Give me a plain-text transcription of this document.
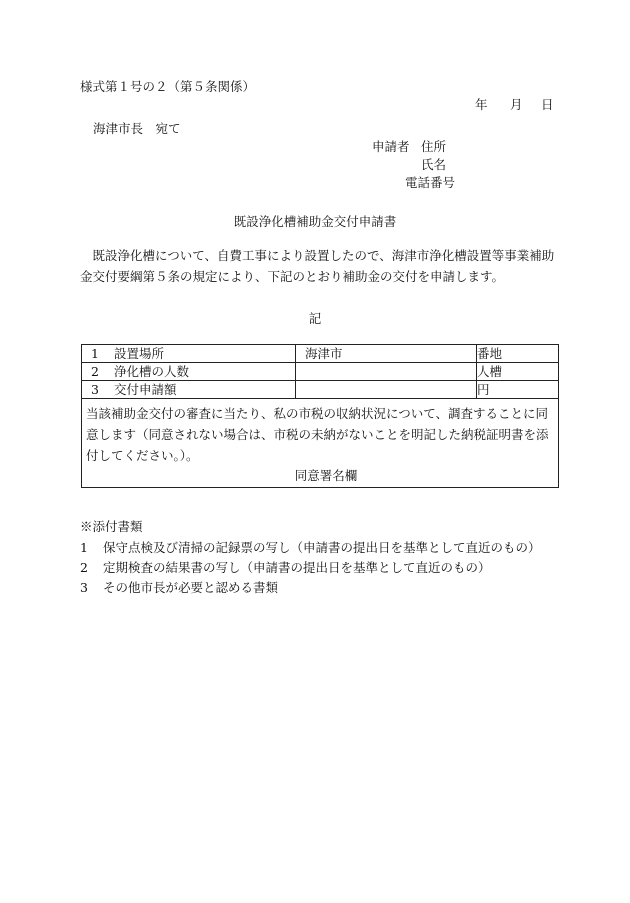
様式第１号の２（第５条関係）
年 月 日
海津市長　宛て
申請者 住所
氏名
電話番号
既設浄化槽補助金交付申請書
既設浄化槽について、自費工事により設置したので、海津市浄化槽設置等事業補助金交付要綱第５条の規定により、下記のとおり補助金の交付を申請します。
記
1 設置場所	海津市	番地
2 浄化槽の人数		人槽
3 交付申請額		円
当該補助金交付の審査に当たり、私の市税の収納状況について、調査することに同意します（同意されない場合は、市税の未納がないことを明記した納税証明書を添付してください。）。
同意署名欄		
※添付書類
1 保守点検及び清掃の記録票の写し（申請書の提出日を基準として直近のもの）
2 定期検査の結果書の写し（申請書の提出日を基準として直近のもの）
3 その他市長が必要と認める書類
